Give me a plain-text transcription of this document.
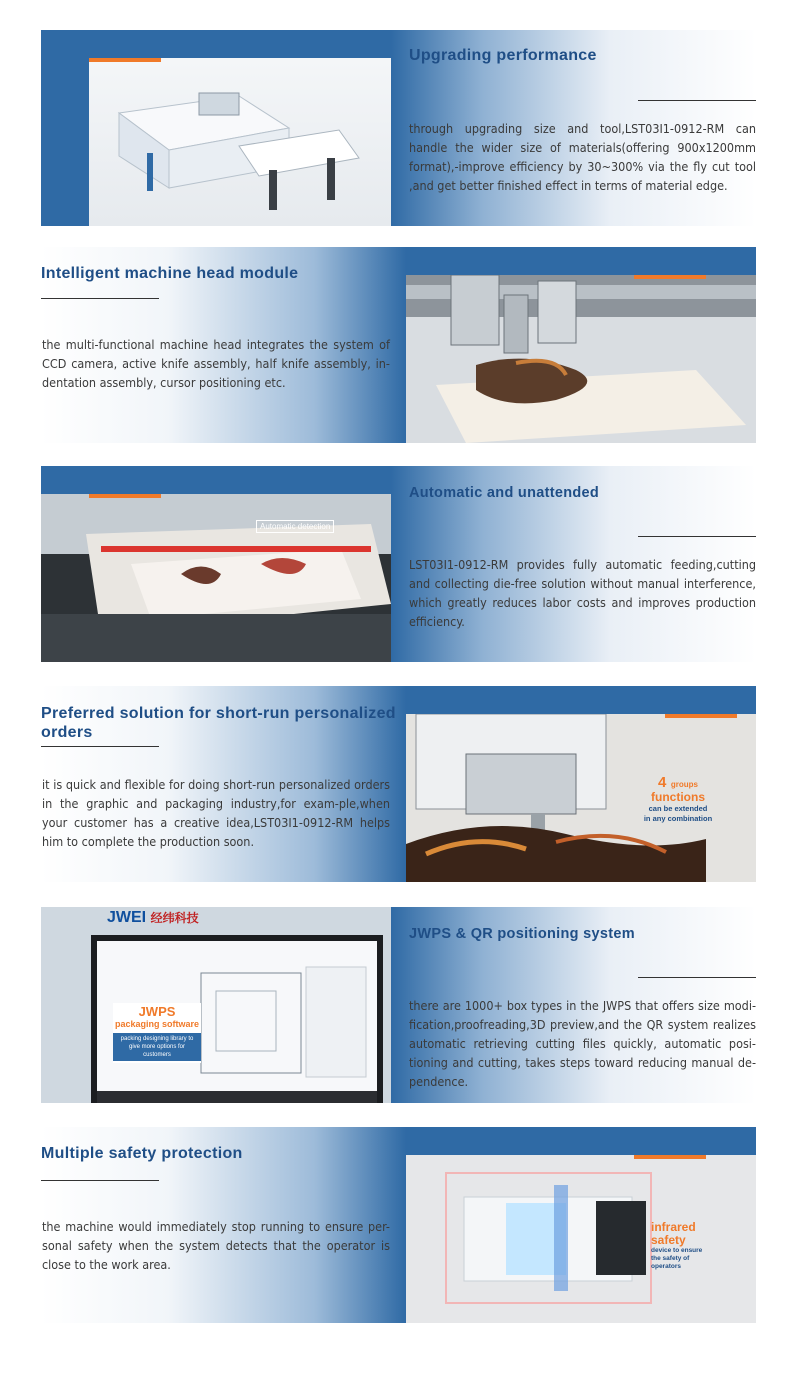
Upgrading performance
through upgrading size and tool,LST03I1-0912-RM can handle the wider size of materials(offering 900x1200mm format),-improve efficiency by 30~300% via the fly cut tool ,and get better finished effect in terms of material edge.
Intelligent machine head module
the multi-functional machine head integrates the system of CCD camera, active knife assembly, half knife assembly, in-dentation assembly, cursor positioning etc.
Automatic detection
Automatic and unattended
LST03I1-0912-RM provides fully automatic feeding,cutting and collecting die-free solution without manual interference, which greatly reduces labor costs and improves production efficiency.
4 groups
functions
can be extended
in any combination
Preferred solution for short-run personalized orders
it is quick and flexible for doing short-run personalized orders in the graphic and packaging industry,for exam-ple,when your customer has a creative idea,LST03I1-0912-RM helps him to complete the production soon.
JWEI 经纬科技
JWPS
packaging software
packing designing library to give more options for customers
JWPS & QR positioning system
there are 1000+ box types in the JWPS that offers size modi-fication,proofreading,3D preview,and the QR system realizes automatic retrieving cutting files quickly, automatic posi-tioning and cutting, takes steps toward reducing manual de-pendence.
infrared
safety
device to ensure the safety of operators
Multiple safety protection
the machine would immediately stop running to ensure per-sonal safety when the system detects that the operator is close to the work area.
